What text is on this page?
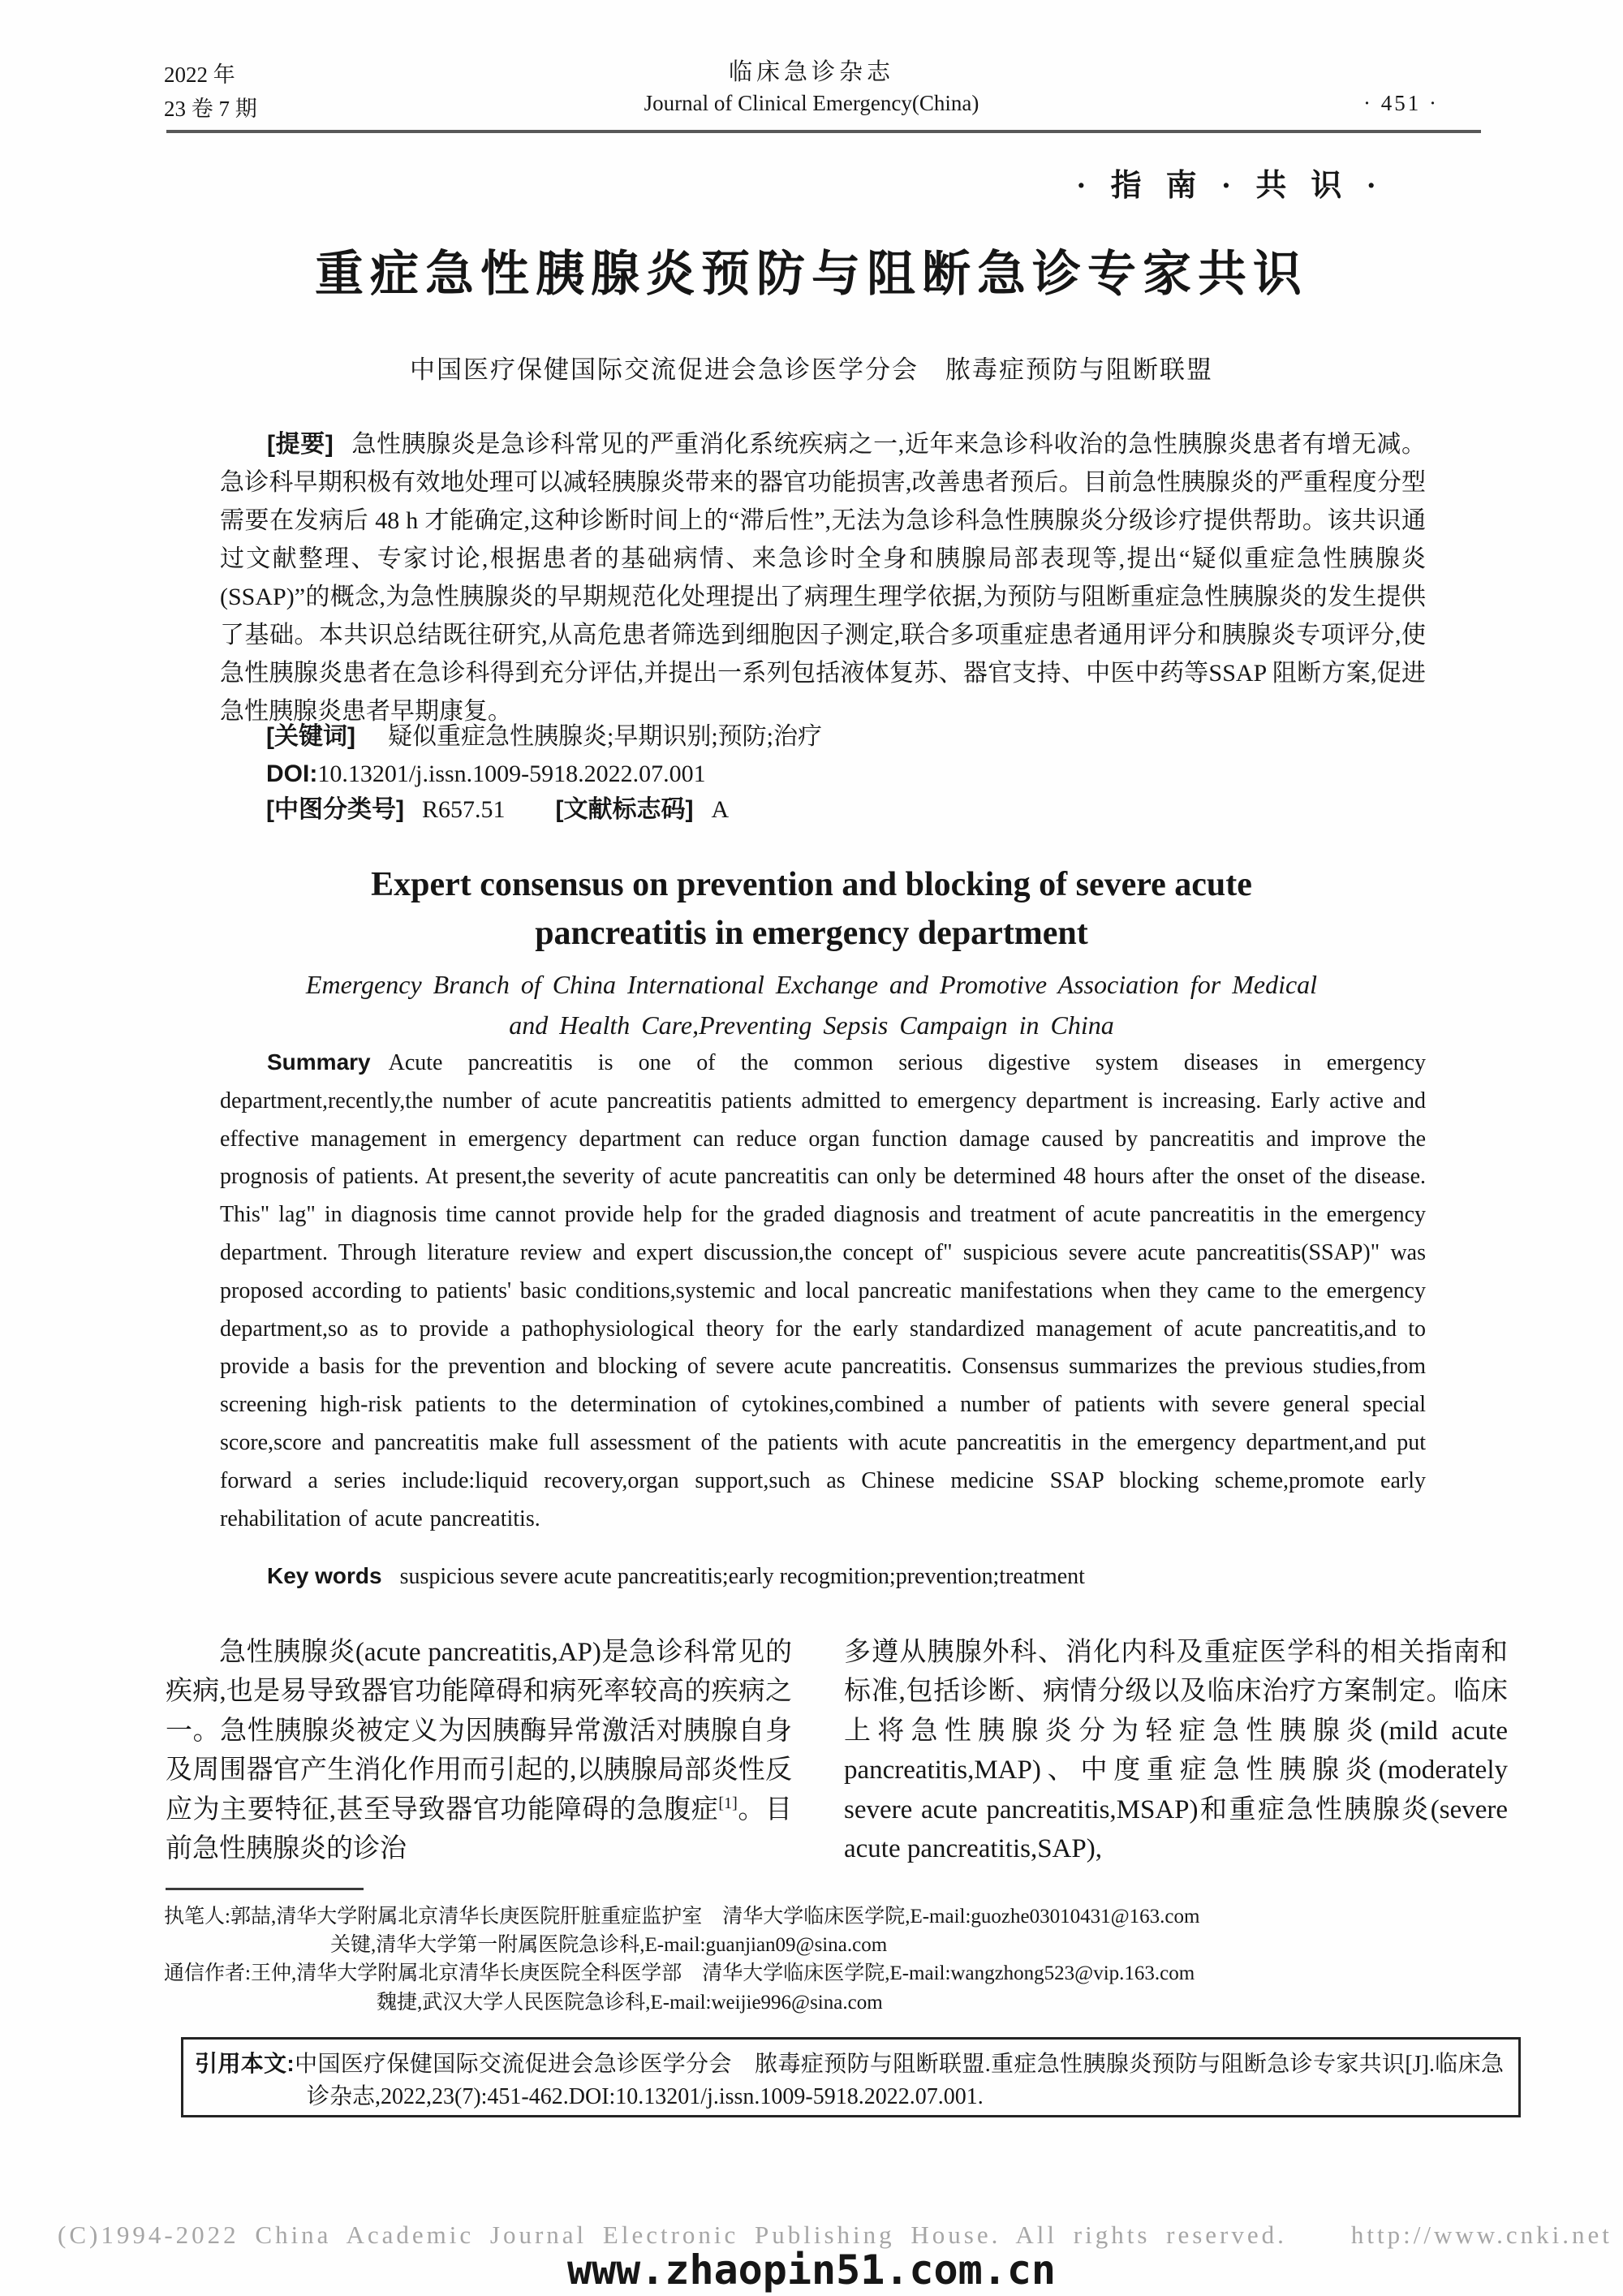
2022 年
23 卷 7 期
临床急诊杂志
Journal of Clinical Emergency(China)	· 451 ·
·指南·共识·
重症急性胰腺炎预防与阻断急诊专家共识
中国医疗保健国际交流促进会急诊医学分会　脓毒症预防与阻断联盟

[提要] 急性胰腺炎是急诊科常见的严重消化系统疾病之一,近年来急诊科收治的急性胰腺炎患者有增无减。急诊科早期积极有效地处理可以减轻胰腺炎带来的器官功能损害,改善患者预后。目前急性胰腺炎的严重程度分型需要在发病后 48 h 才能确定,这种诊断时间上的“滞后性”,无法为急诊科急性胰腺炎分级诊疗提供帮助。该共识通过文献整理、专家讨论,根据患者的基础病情、来急诊时全身和胰腺局部表现等,提出“疑似重症急性胰腺炎(SSAP)”的概念,为急性胰腺炎的早期规范化处理提出了病理生理学依据,为预防与阻断重症急性胰腺炎的发生提供了基础。本共识总结既往研究,从高危患者筛选到细胞因子测定,联合多项重症患者通用评分和胰腺炎专项评分,使急性胰腺炎患者在急诊科得到充分评估,并提出一系列包括液体复苏、器官支持、中医中药等SSAP 阻断方案,促进急性胰腺炎患者早期康复。

[关键词] 疑似重症急性胰腺炎;早期识别;预防;治疗
DOI:10.13201/j.issn.1009-5918.2022.07.001
[中图分类号] R657.51 [文献标志码] A
Expert consensus on prevention and blocking of severe acute
pancreatitis in emergency department
Emergency Branch of China International Exchange and Promotive Association for Medical
and Health Care,Preventing Sepsis Campaign in China

Summary Acute pancreatitis is one of the common serious digestive system diseases in emergency department,recently,the number of acute pancreatitis patients admitted to emergency department is increasing. Early active and effective management in emergency department can reduce organ function damage caused by pancreatitis and improve the prognosis of patients. At present,the severity of acute pancreatitis can only be determined 48 hours after the onset of the disease. This" lag" in diagnosis time cannot provide help for the graded diagnosis and treatment of acute pancreatitis in the emergency department. Through literature review and expert discussion,the concept of" suspicious severe acute pancreatitis(SSAP)" was proposed according to patients' basic conditions,systemic and local pancreatic manifestations when they came to the emergency department,so as to provide a pathophysiological theory for the early standardized management of acute pancreatitis,and to provide a basis for the prevention and blocking of severe acute pancreatitis. Consensus summarizes the previous studies,from screening high-risk patients to the determination of cytokines,combined a number of patients with severe general special score,score and pancreatitis make full assessment of the patients with acute pancreatitis in the emergency department,and put forward a series include:liquid recovery,organ support,such as Chinese medicine SSAP blocking scheme,promote early rehabilitation of acute pancreatitis.

Key words suspicious severe acute pancreatitis;early recogmition;prevention;treatment

急性胰腺炎(acute pancreatitis,AP)是急诊科常见的疾病,也是易导致器官功能障碍和病死率较高的疾病之一。急性胰腺炎被定义为因胰酶异常激活对胰腺自身及周围器官产生消化作用而引起的,以胰腺局部炎性反应为主要特征,甚至导致器官功能障碍的急腹症[1]。目前急性胰腺炎的诊治

多遵从胰腺外科、消化内科及重症医学科的相关指南和标准,包括诊断、病情分级以及临床治疗方案制定。临床上将急性胰腺炎分为轻症急性胰腺炎(mild acute pancreatitis,MAP)、中度重症急性胰腺炎(moderately severe acute pancreatitis,MSAP)和重症急性胰腺炎(severe acute pancreatitis,SAP),

执笔人:郭喆,清华大学附属北京清华长庚医院肝脏重症监护室　清华大学临床医学院,E-mail:guozhe03010431@163.com
关键,清华大学第一附属医院急诊科,E-mail:guanjian09@sina.com
通信作者:王仲,清华大学附属北京清华长庚医院全科医学部　清华大学临床医学院,E-mail:wangzhong523@vip.163.com
魏捷,武汉大学人民医院急诊科,E-mail:weijie996@sina.com
引用本文:中国医疗保健国际交流促进会急诊医学分会　脓毒症预防与阻断联盟.重症急性胰腺炎预防与阻断急诊专家共识[J].临床急诊杂志,2022,23(7):451-462.DOI:10.13201/j.issn.1009-5918.2022.07.001.
(C)1994-2022 China Academic Journal Electronic Publishing House. All rights reserved.    http://www.cnki.net
www.zhaopin51.com.cn
